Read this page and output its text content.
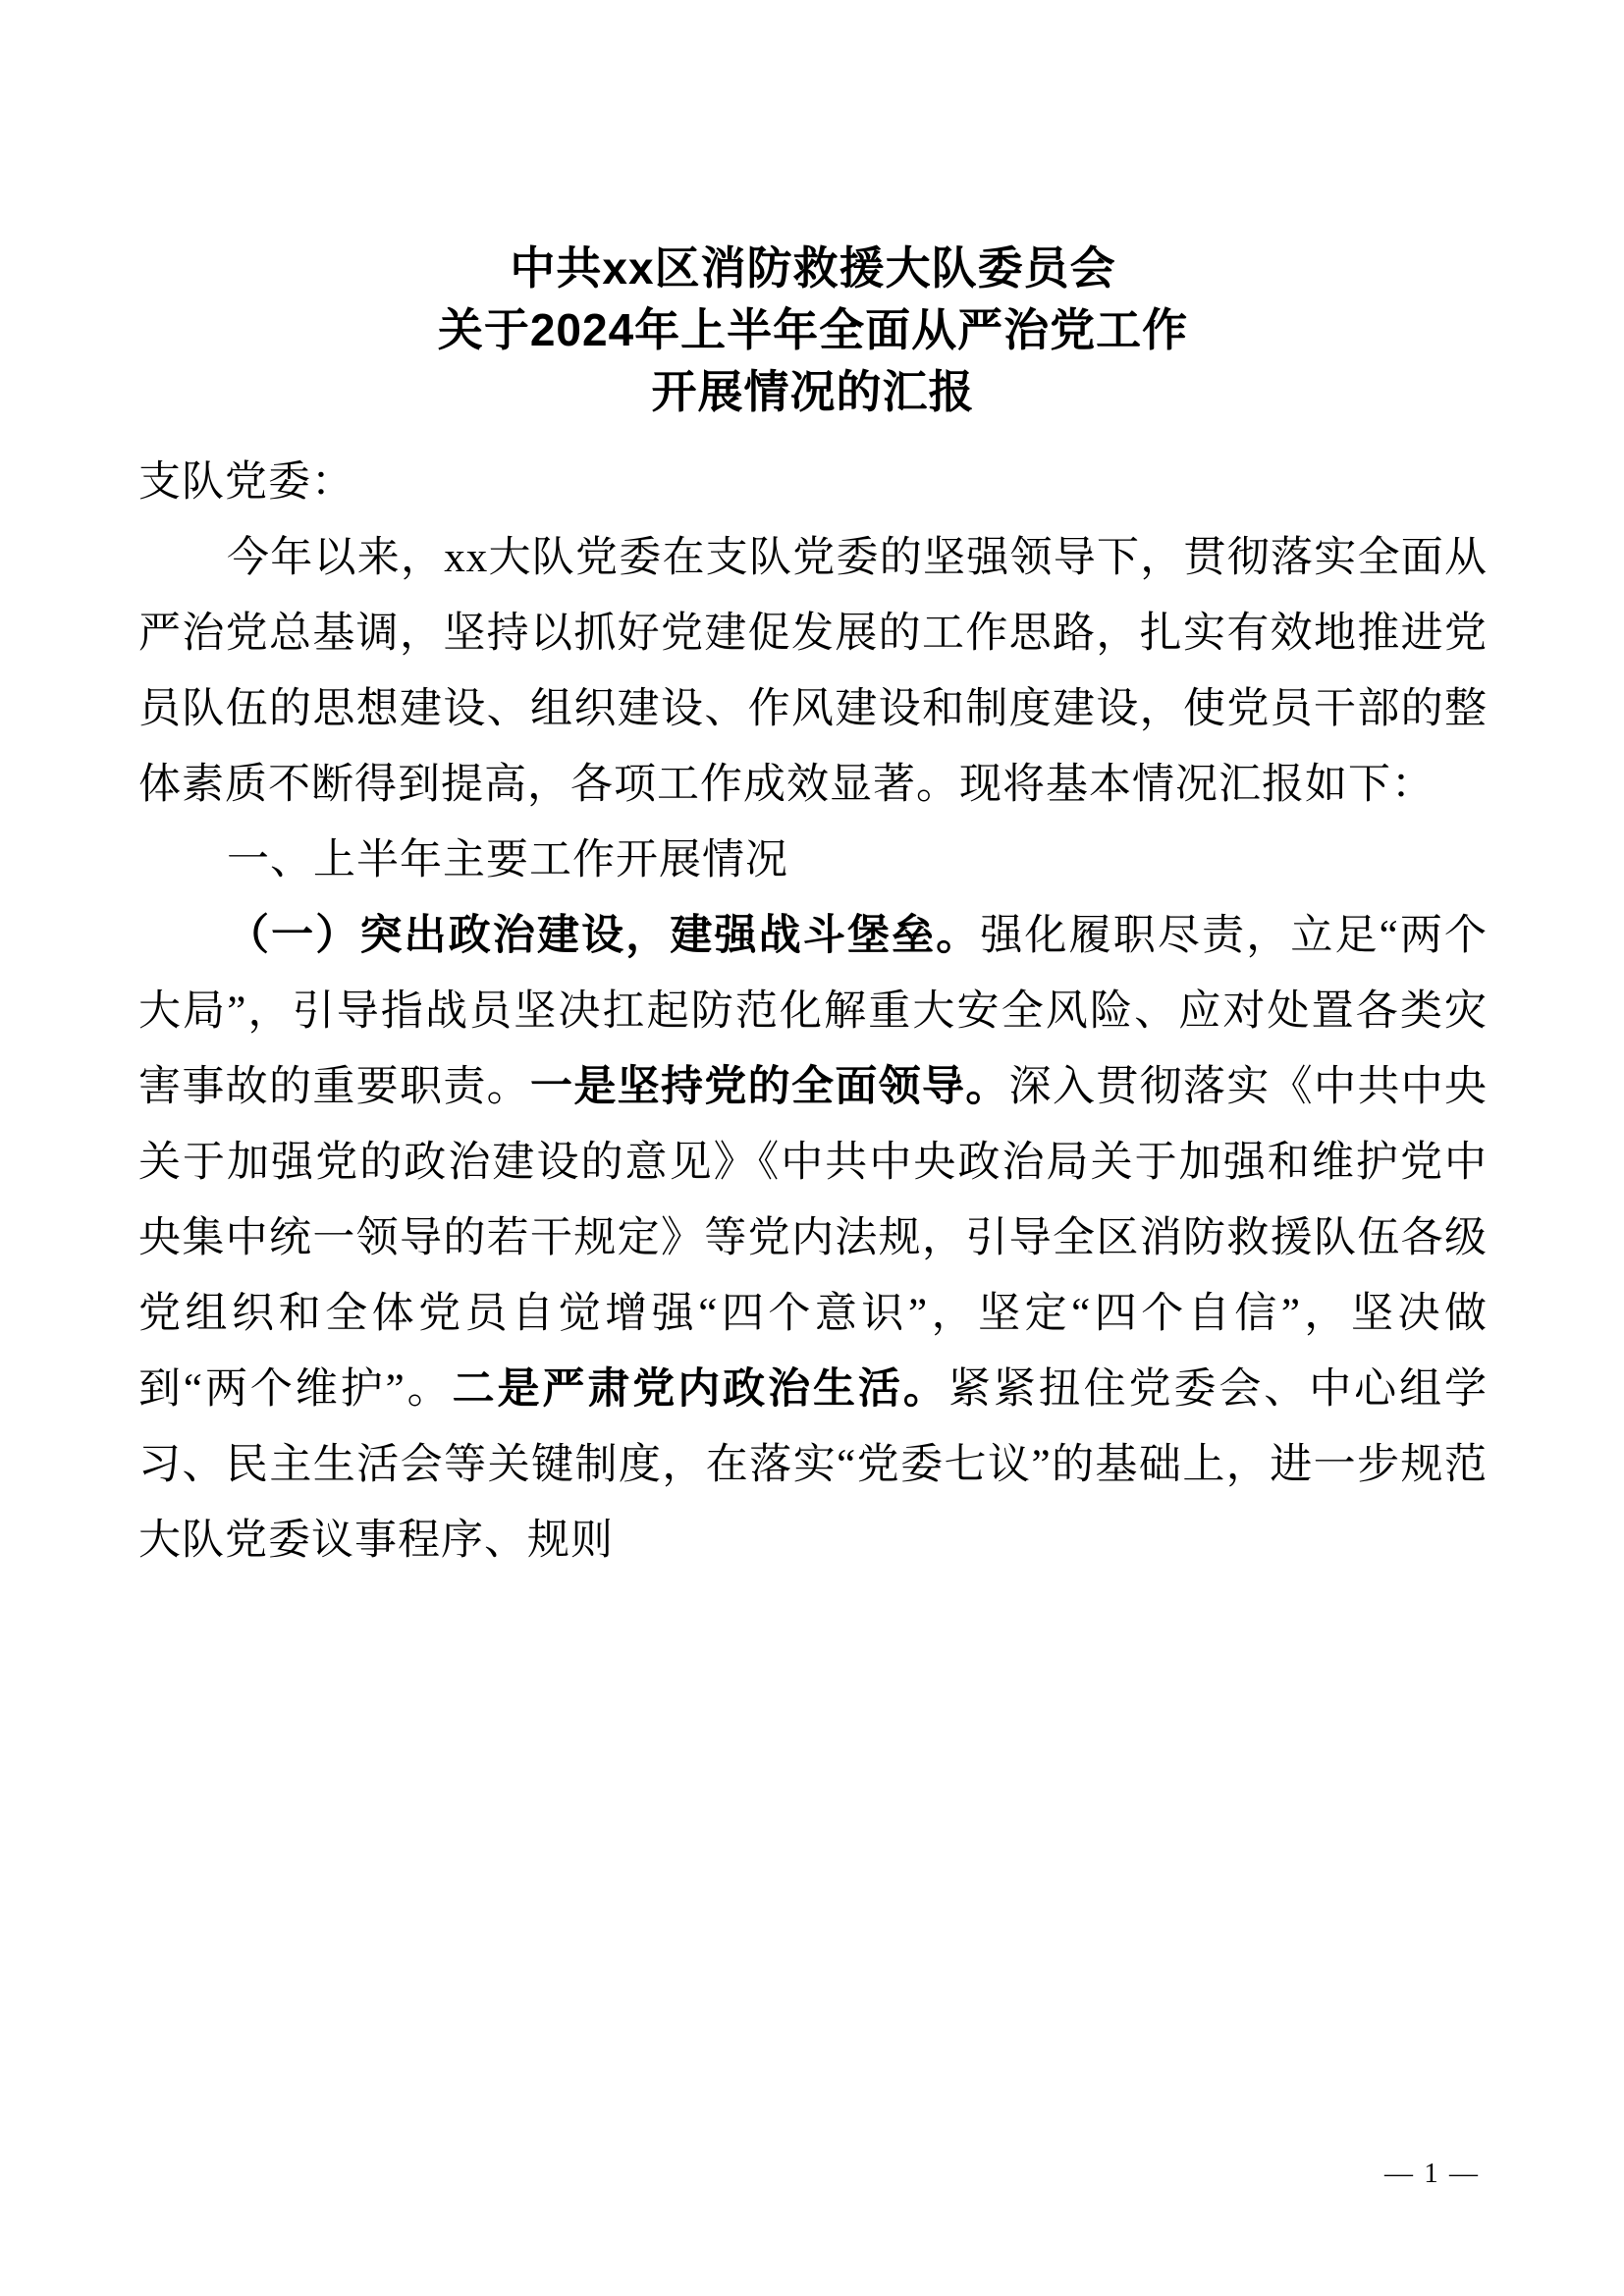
中共xx区消防救援大队委员会
关于2024年上半年全面从严治党工作
开展情况的汇报

支队党委：

今年以来，xx大队党委在支队党委的坚强领导下，贯彻落实全面从严治党总基调，坚持以抓好党建促发展的工作思路，扎实有效地推进党员队伍的思想建设、组织建设、作风建设和制度建设，使党员干部的整体素质不断得到提高，各项工作成效显著。现将基本情况汇报如下：

一、上半年主要工作开展情况

（一）突出政治建设，建强战斗堡垒。强化履职尽责，立足“两个大局”，引导指战员坚决扛起防范化解重大安全风险、应对处置各类灾害事故的重要职责。一是坚持党的全面领导。深入贯彻落实《中共中央关于加强党的政治建设的意见》《中共中央政治局关于加强和维护党中央集中统一领导的若干规定》等党内法规，引导全区消防救援队伍各级党组织和全体党员自觉增强“四个意识”，坚定“四个自信”，坚决做到“两个维护”。二是严肃党内政治生活。紧紧扭住党委会、中心组学习、民主生活会等关键制度，在落实“党委七议”的基础上，进一步规范大队党委议事程序、规则

— 1 —
